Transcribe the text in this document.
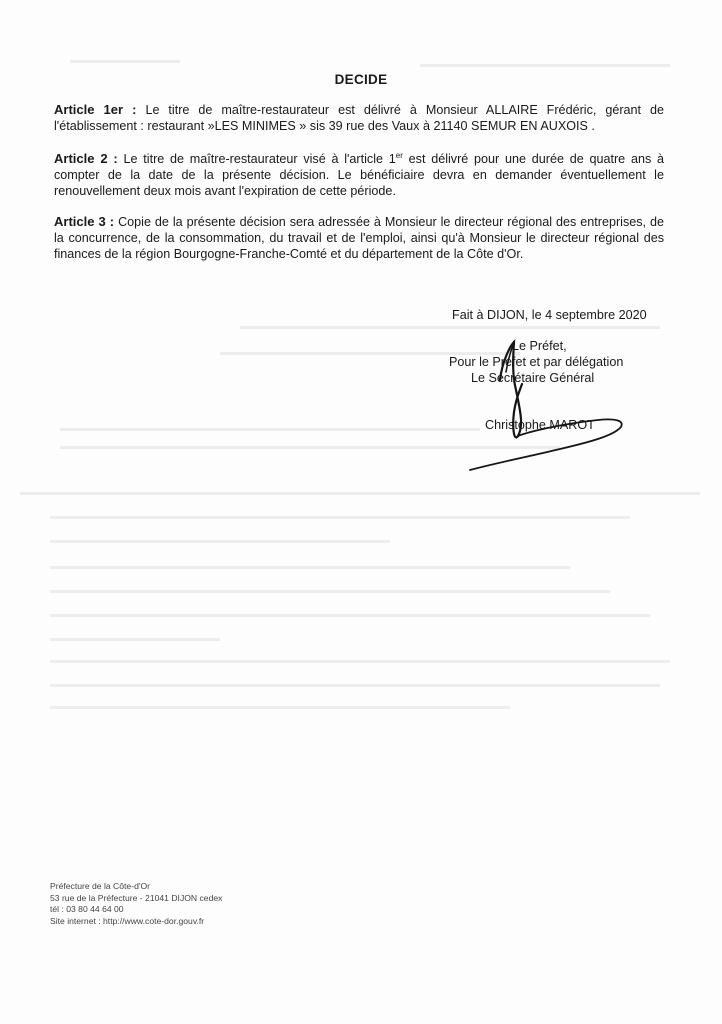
DECIDE
Article 1er : Le titre de maître-restaurateur est délivré à Monsieur ALLAIRE Frédéric, gérant de l'établissement : restaurant »LES MINIMES » sis 39 rue des Vaux à 21140 SEMUR EN AUXOIS .
Article 2 : Le titre de maître-restaurateur visé à l'article 1er est délivré pour une durée de quatre ans à compter de la date de la présente décision. Le bénéficiaire devra en demander éventuellement le renouvellement deux mois avant l'expiration de cette période.
Article 3 : Copie de la présente décision sera adressée à Monsieur le directeur régional des entreprises, de la concurrence, de la consommation, du travail et de l'emploi, ainsi qu'à Monsieur le directeur régional des finances de la région Bourgogne-Franche-Comté et du département de la Côte d'Or.
Fait à DIJON, le 4 septembre 2020
Le Préfet,
Pour le Préfet et par délégation
Le Secrétaire Général
Christophe MAROT
Préfecture de la Côte-d'Or
53 rue de la Préfecture - 21041 DIJON cedex
tél : 03 80 44 64 00
Site internet : http://www.cote-dor.gouv.fr
